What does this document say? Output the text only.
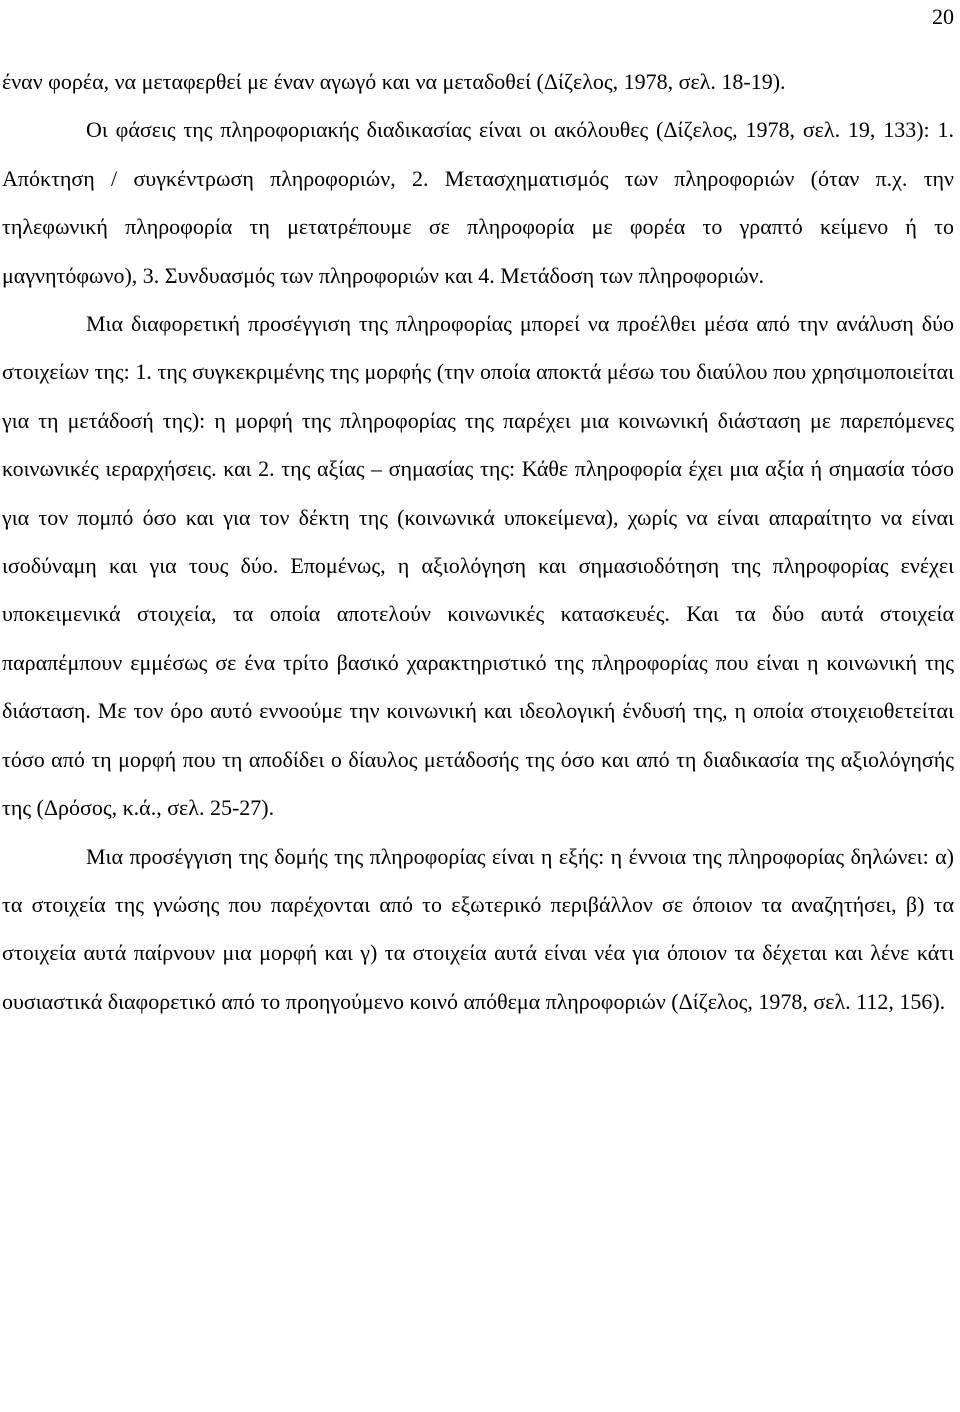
20

έναν φορέα, να μεταφερθεί με έναν αγωγό και να μεταδοθεί (Δίζελος, 1978, σελ. 18-19).

Οι φάσεις της πληροφοριακής διαδικασίας είναι οι ακόλουθες (Δίζελος, 1978, σελ. 19, 133): 1. Απόκτηση / συγκέντρωση πληροφοριών, 2. Μετασχηματισμός των πληροφοριών (όταν π.χ. την τηλεφωνική πληροφορία τη μετατρέπουμε σε πληροφορία με φορέα το γραπτό κείμενο ή το μαγνητόφωνο), 3. Συνδυασμός των πληροφοριών και 4. Μετάδοση των πληροφοριών.

Μια διαφορετική προσέγγιση της πληροφορίας μπορεί να προέλθει μέσα από την ανάλυση δύο στοιχείων της: 1. της συγκεκριμένης της μορφής (την οποία αποκτά μέσω του διαύλου που χρησιμοποιείται για τη μετάδοσή της): η μορφή της πληροφορίας της παρέχει μια κοινωνική διάσταση με παρεπόμενες κοινωνικές ιεραρχήσεις. και 2. της αξίας – σημασίας της: Κάθε πληροφορία έχει μια αξία ή σημασία τόσο για τον πομπό όσο και για τον δέκτη της (κοινωνικά υποκείμενα), χωρίς να είναι απαραίτητο να είναι ισοδύναμη και για τους δύο. Επομένως, η αξιολόγηση και σημασιοδότηση της πληροφορίας ενέχει υποκειμενικά στοιχεία, τα οποία αποτελούν κοινωνικές κατασκευές. Και τα δύο αυτά στοιχεία παραπέμπουν εμμέσως σε ένα τρίτο βασικό χαρακτηριστικό της πληροφορίας που είναι η κοινωνική της διάσταση. Με τον όρο αυτό εννοούμε την κοινωνική και ιδεολογική ένδυσή της, η οποία στοιχειοθετείται τόσο από τη μορφή που τη αποδίδει ο δίαυλος μετάδοσής της όσο και από τη διαδικασία της αξιολόγησής της (Δρόσος, κ.ά., σελ. 25-27).

Μια προσέγγιση της δομής της πληροφορίας είναι η εξής: η έννοια της πληροφορίας δηλώνει: α) τα στοιχεία της γνώσης που παρέχονται από το εξωτερικό περιβάλλον σε όποιον τα αναζητήσει, β) τα στοιχεία αυτά παίρνουν μια μορφή και γ) τα στοιχεία αυτά είναι νέα για όποιον τα δέχεται και λένε κάτι ουσιαστικά διαφορετικό από το προηγούμενο κοινό απόθεμα πληροφοριών (Δίζελος, 1978, σελ. 112, 156).
